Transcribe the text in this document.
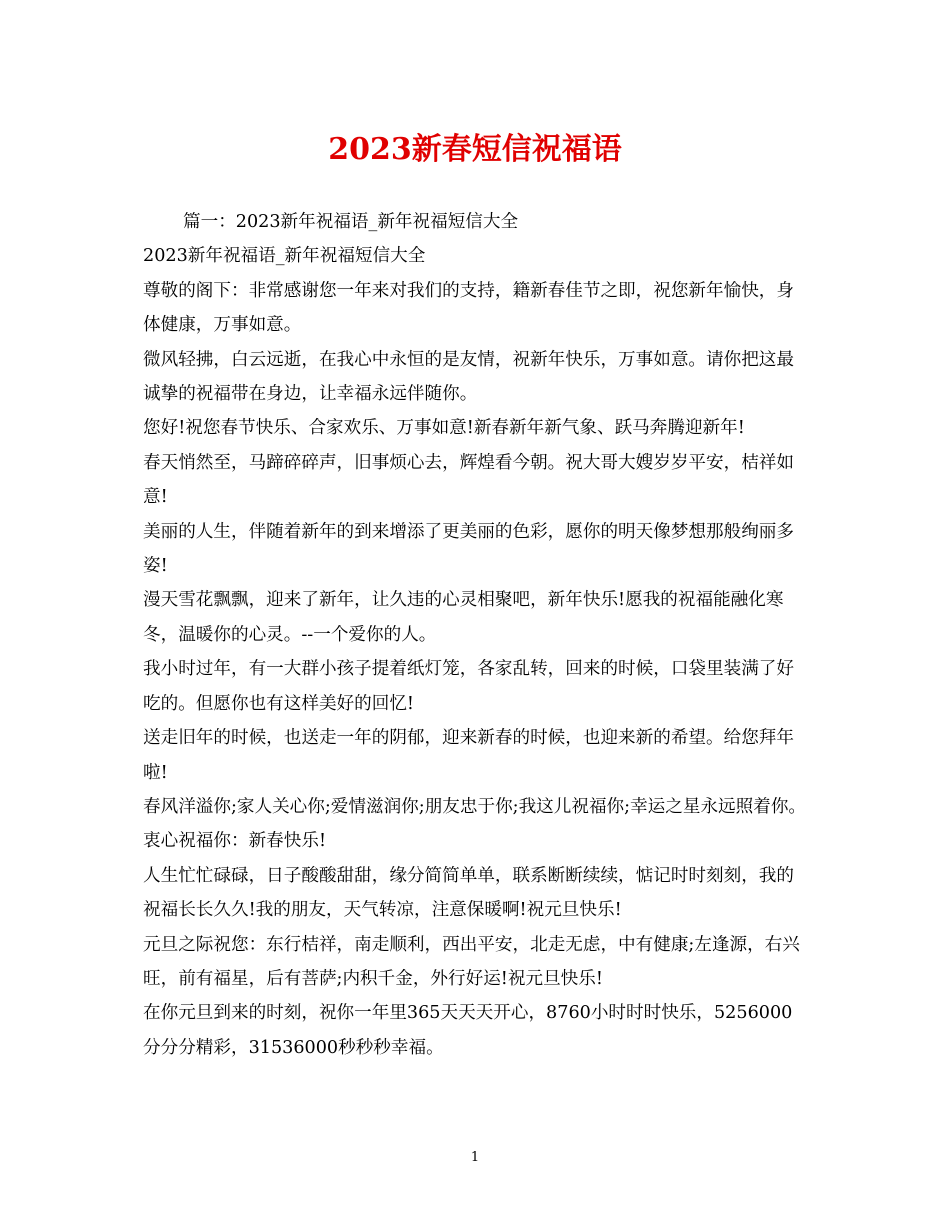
2023新春短信祝福语

篇一：2023新年祝福语_新年祝福短信大全

2023新年祝福语_新年祝福短信大全

尊敬的阁下：非常感谢您一年来对我们的支持，籍新春佳节之即，祝您新年愉快，身体健康，万事如意。

微风轻拂，白云远逝，在我心中永恒的是友情，祝新年快乐，万事如意。请你把这最诚挚的祝福带在身边，让幸福永远伴随你。

您好!祝您春节快乐、合家欢乐、万事如意!新春新年新气象、跃马奔腾迎新年!

春天悄然至，马蹄碎碎声，旧事烦心去，辉煌看今朝。祝大哥大嫂岁岁平安，桔祥如意!

美丽的人生，伴随着新年的到来增添了更美丽的色彩，愿你的明天像梦想那般绚丽多姿!

漫天雪花飘飘，迎来了新年，让久违的心灵相聚吧，新年快乐!愿我的祝福能融化寒冬，温暖你的心灵。--一个爱你的人。

我小时过年，有一大群小孩子提着纸灯笼，各家乱转，回来的时候，口袋里装满了好吃的。但愿你也有这样美好的回忆!

送走旧年的时候，也送走一年的阴郁，迎来新春的时候，也迎来新的希望。给您拜年啦!

春风洋溢你;家人关心你;爱情滋润你;朋友忠于你;我这儿祝福你;幸运之星永远照着你。衷心祝福你：新春快乐!

人生忙忙碌碌，日子酸酸甜甜，缘分简简单单，联系断断续续，惦记时时刻刻，我的祝福长长久久!我的朋友，天气转凉，注意保暖啊!祝元旦快乐!

元旦之际祝您：东行桔祥，南走顺利，西出平安，北走无虑，中有健康;左逢源，右兴旺，前有福星，后有菩萨;内积千金，外行好运!祝元旦快乐!

在你元旦到来的时刻，祝你一年里365天天天开心，8760小时时时快乐，5256000分分分精彩，31536000秒秒秒幸福。

1
